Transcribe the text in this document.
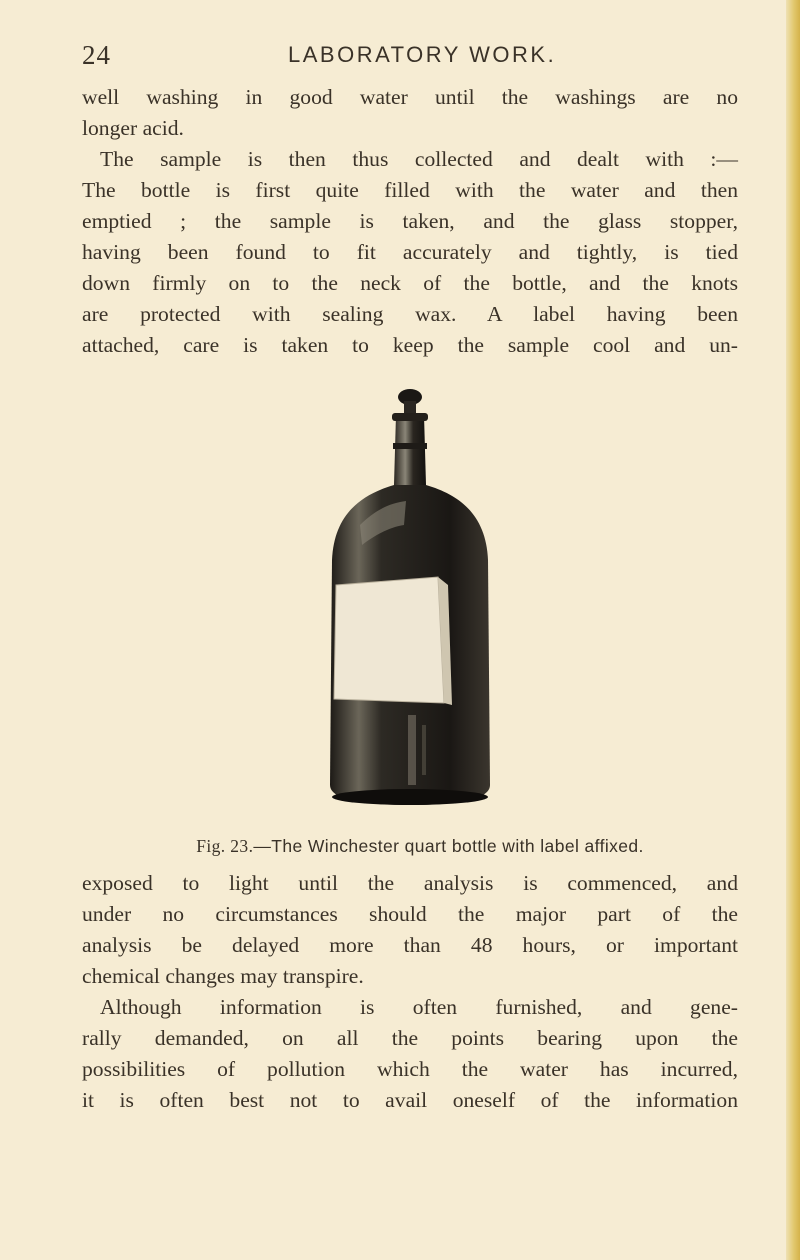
24	LABORATORY WORK.
well washing in good water until the washings are no
longer acid.
The sample is then thus collected and dealt with :—
The bottle is first quite filled with the water and then
emptied ; the sample is taken, and the glass stopper,
having been found to fit accurately and tightly, is tied
down firmly on to the neck of the bottle, and the knots
are protected with sealing wax. A label having been
attached, care is taken to keep the sample cool and un-
Fig. 23.—The Winchester quart bottle with label affixed.
exposed to light until the analysis is commenced, and
under no circumstances should the major part of the
analysis be delayed more than 48 hours, or important
chemical changes may transpire.
Although information is often furnished, and gene-
rally demanded, on all the points bearing upon the
possibilities of pollution which the water has incurred,
it is often best not to avail oneself of the information
